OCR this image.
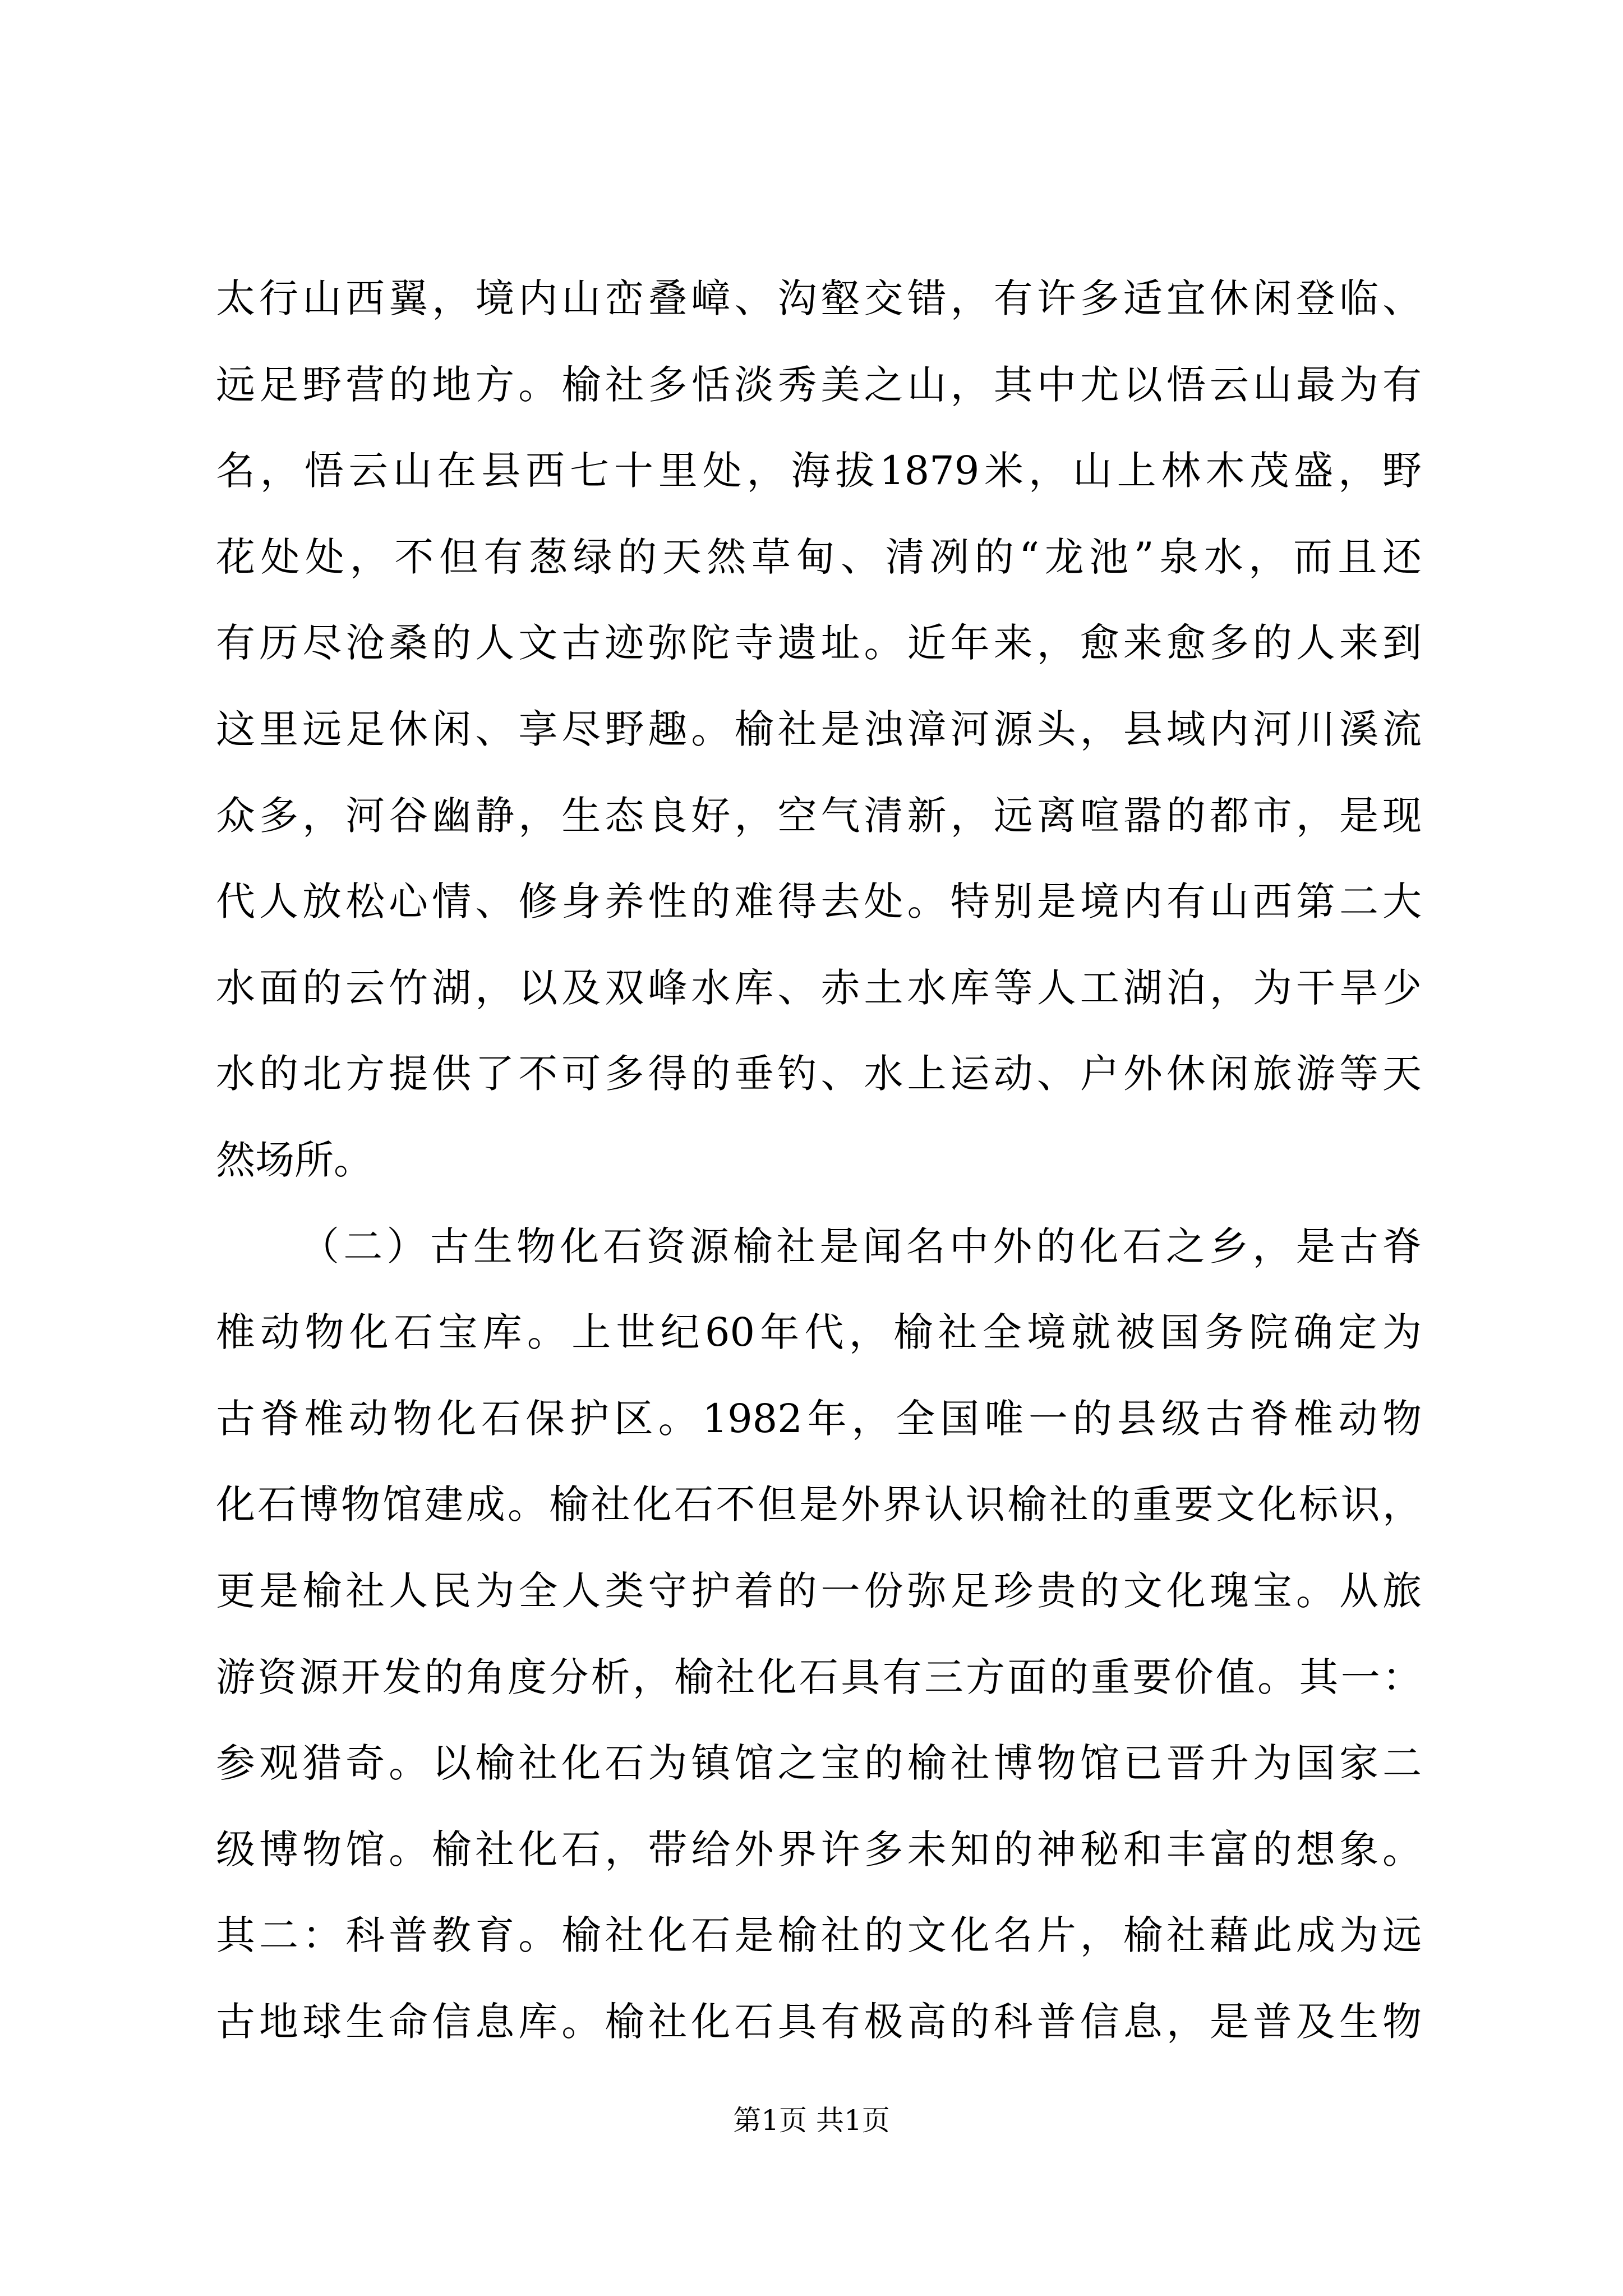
太行山西翼，境内山峦叠嶂、沟壑交错，有许多适宜休闲登临、
远足野营的地方。榆社多恬淡秀美之山，其中尤以悟云山最为有
名，悟云山在县西七十里处，海拔1879米，山上林木茂盛，野
花处处，不但有葱绿的天然草甸、清冽的“龙池”泉水，而且还
有历尽沧桑的人文古迹弥陀寺遗址。近年来，愈来愈多的人来到
这里远足休闲、享尽野趣。榆社是浊漳河源头，县域内河川溪流
众多，河谷幽静，生态良好，空气清新，远离喧嚣的都市，是现
代人放松心情、修身养性的难得去处。特别是境内有山西第二大
水面的云竹湖，以及双峰水库、赤土水库等人工湖泊，为干旱少
水的北方提供了不可多得的垂钓、水上运动、户外休闲旅游等天
然场所。
（二）古生物化石资源榆社是闻名中外的化石之乡，是古脊
椎动物化石宝库。上世纪60年代，榆社全境就被国务院确定为
古脊椎动物化石保护区。1982年，全国唯一的县级古脊椎动物
化石博物馆建成。榆社化石不但是外界认识榆社的重要文化标识，
更是榆社人民为全人类守护着的一份弥足珍贵的文化瑰宝。从旅
游资源开发的角度分析，榆社化石具有三方面的重要价值。其一：
参观猎奇。以榆社化石为镇馆之宝的榆社博物馆已晋升为国家二
级博物馆。榆社化石，带给外界许多未知的神秘和丰富的想象。
其二：科普教育。榆社化石是榆社的文化名片，榆社藉此成为远
古地球生命信息库。榆社化石具有极高的科普信息，是普及生物
第1页 共1页
